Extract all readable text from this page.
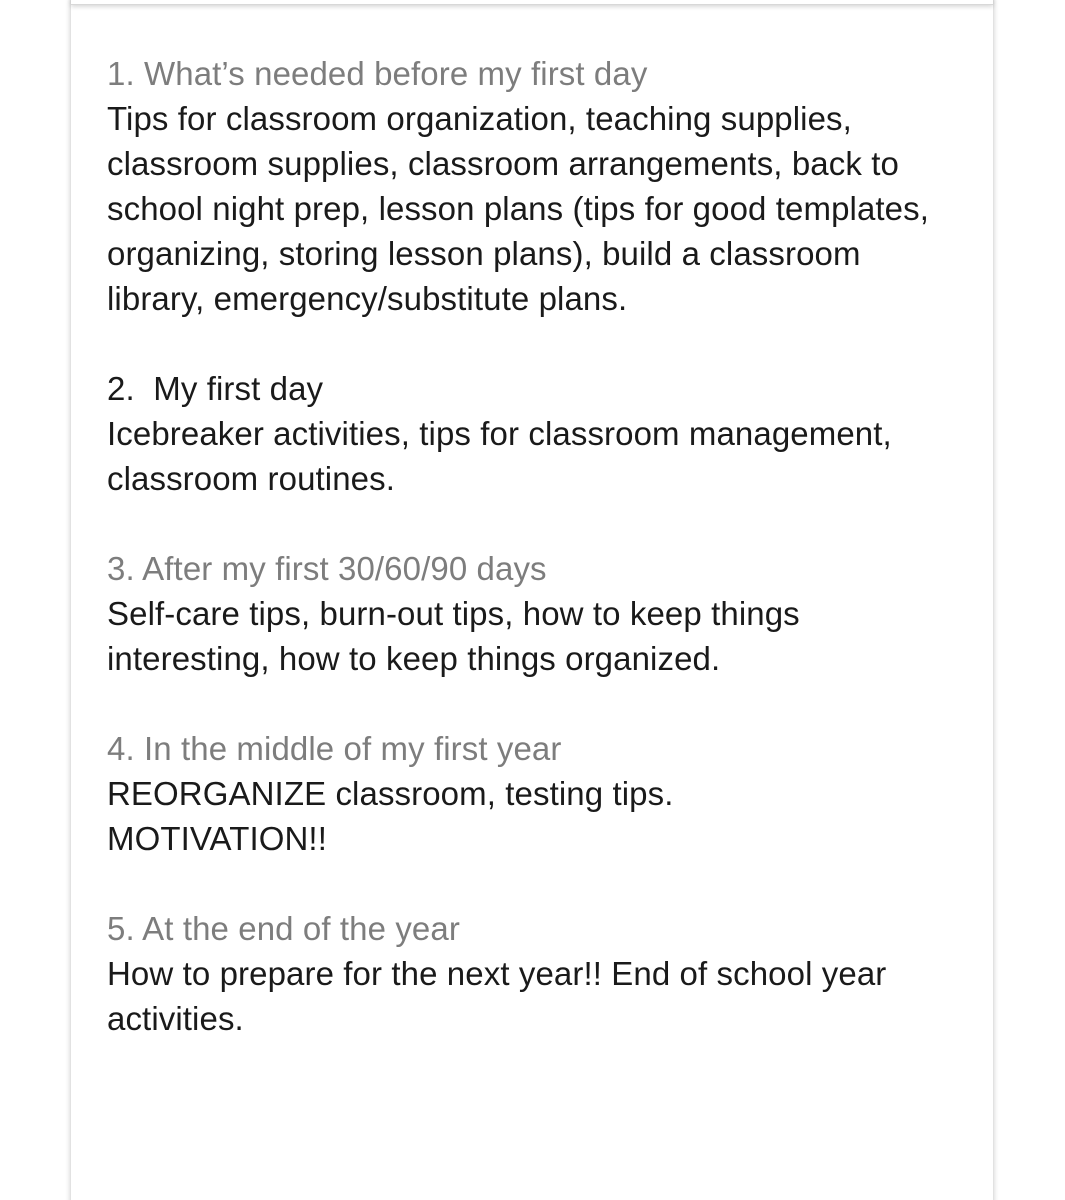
1. What’s needed before my first day
Tips for classroom organization, teaching supplies, classroom supplies, classroom arrangements, back to school night prep, lesson plans (tips for good templates, organizing, storing lesson plans), build a classroom library, emergency/substitute plans.
2.  My first day
Icebreaker activities, tips for classroom management, classroom routines.
3. After my first 30/60/90 days
Self-care tips, burn-out tips, how to keep things interesting, how to keep things organized.
4. In the middle of my first year
REORGANIZE classroom, testing tips.
MOTIVATION!!
5. At the end of the year
How to prepare for the next year!! End of school year activities.
